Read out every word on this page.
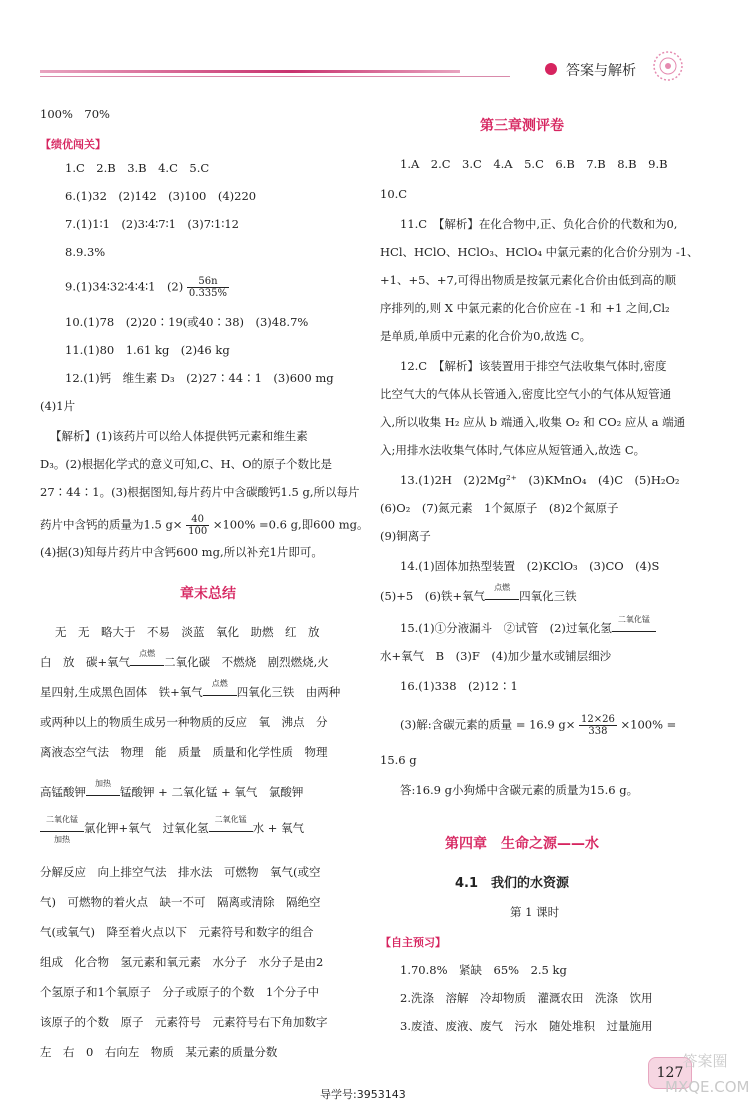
答案与解析
100%　70%
【绩优闯关】
1.C　2.B　3.B　4.C　5.C
6.(1)32　(2)142　(3)100　(4)220
7.(1)1∶1　(2)3∶4∶7∶1　(3)7∶1∶12
8.9.3%
9.(1)34∶32∶4∶4∶1　$(2) \frac{56n}{0.335\%}$
10.(1)78　(2)20∶19(或40∶38)　(3)48.7%
11.(1)80　1.61 kg　(2)46 kg
12.(1)钙　维生素 D₃　(2)27∶44∶1　(3)600 mg
(4)1片
【解析】(1)该药片可以给人体提供钙元素和维生素
D₃。(2)根据化学式的意义可知,C、H、O的原子个数比是
27∶44∶1。(3)根据图知,每片药片中含碳酸钙1.5 g,所以每片
药片中含钙的质量为1.5 $g\times \frac{40}{100} \times 100\% =0.6$ g,即600 mg。
(4)据(3)知每片药片中含钙600 mg,所以补充1片即可。
章末总结
无　无　略大于　不易　淡蓝　氧化　助燃　红　放
白　放　碳+氧气
点燃
二氧化碳　不燃烧　剧烈燃烧,火
星四射,生成黑色固体　铁+氧气
点燃
四氧化三铁　由两种
或两种以上的物质生成另一种物质的反应　氧　沸点　分
离液态空气法　物理　能　质量　质量和化学性质　物理
高锰酸钾
加热
锰酸钾 + 二氧化锰 + 氧气　氯酸钾
二氧化锰
加热
氯化钾+氧气　过氧化氢
二氧化锰
水 + 氧气
分解反应　向上排空气法　排水法　可燃物　氧气(或空
气)　可燃物的着火点　缺一不可　隔离或清除　隔绝空
气(或氧气)　降至着火点以下　元素符号和数字的组合
组成　化合物　氢元素和氧元素　水分子　水分子是由2
个氢原子和1个氧原子　分子或原子的个数　1个分子中
该原子的个数　原子　元素符号　元素符号右下角加数字
左　右　0　右向左　物质　某元素的质量分数
第三章测评卷
1.A　2.C　3.C　4.A　5.C　6.B　7.B　8.B　9.B
10.C
11.C　【解析】在化合物中,正、负化合价的代数和为0,
HCl、HClO、HClO₃、HClO₄ 中氯元素的化合价分别为 -1、
+1、+5、+7,可得出物质是按氯元素化合价由低到高的顺
序排列的,则 X 中氯元素的化合价应在 -1 和 +1 之间,Cl₂
是单质,单质中元素的化合价为0,故选 C。
12.C　【解析】该装置用于排空气法收集气体时,密度
比空气大的气体从长管通入,密度比空气小的气体从短管通
入,所以收集 H₂ 应从 b 端通入,收集 O₂ 和 CO₂ 应从 a 端通
入;用排水法收集气体时,气体应从短管通入,故选 C。
13.(1)2H　(2)2Mg²⁺　(3)KMnO₄　(4)C　(5)H₂O₂
(6)O₂　(7)氮元素　1个氮原子　(8)2个氮原子
(9)铜离子
14.(1)固体加热型装置　(2)KClO₃　(3)CO　(4)S
(5)+5　(6)铁+氧气
点燃
四氧化三铁
15.(1)①分液漏斗　②试管　(2)过氧化氢
二氧化锰
水+氧气　B　(3)F　(4)加少量水或铺层细沙
16.(1)338　(2)12∶1
(3)解:含碳元素的质量 = 16.9 $g\times \frac{12\times 26}{338} \times 100\%$ =
15.6 g
答:16.9 g小狗烯中含碳元素的质量为15.6 g。
第四章　生命之源——水
4.1　我们的水资源
第 1 课时
【自主预习】
1.70.8%　紧缺　65%　2.5 kg
2.洗涤　溶解　冷却物质　灌溉农田　洗涤　饮用
3.废渣、废液、废气　污水　随处堆积　过量施用
导学号:3953143
127
答案圈
MXQE.COM
